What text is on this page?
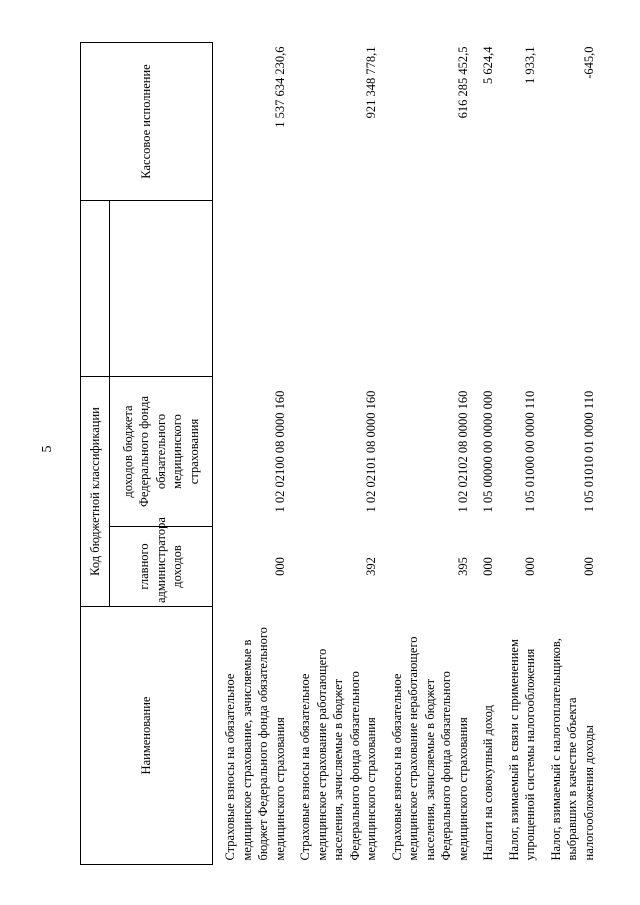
5
Наименование	Код бюджетной классификации			Кассовое исполнение
	главного администратора доходов	доходов бюджета Федерального фонда обязательного медицинского страхования		
Страховые взносы на обязательное медицинское страхование, зачисляемые в бюджет Федерального фонда обязательного медицинского страхования	000	1 02 02100 08 0000 160		1 537 634 230,6
Страховые взносы на обязательное медицинское страхование работающего населения, зачисляемые в бюджет Федерального фонда обязательного медицинского страхования	392	1 02 02101 08 0000 160		921 348 778,1
Страховые взносы на обязательное медицинское страхование неработающего населения, зачисляемые в бюджет Федерального фонда обязательного медицинского страхования	395	1 02 02102 08 0000 160		616 285 452,5
Налоги на совокупный доход	000	1 05 00000 00 0000 000		5 624,4
Налог, взимаемый в связи с применением упрощенной системы налогообложения	000	1 05 01000 00 0000 110		1 933,1
Налог, взимаемый с налогоплательщиков, выбравших в качестве объекта налогообложения доходы	000	1 05 01010 01 0000 110		-645,0
